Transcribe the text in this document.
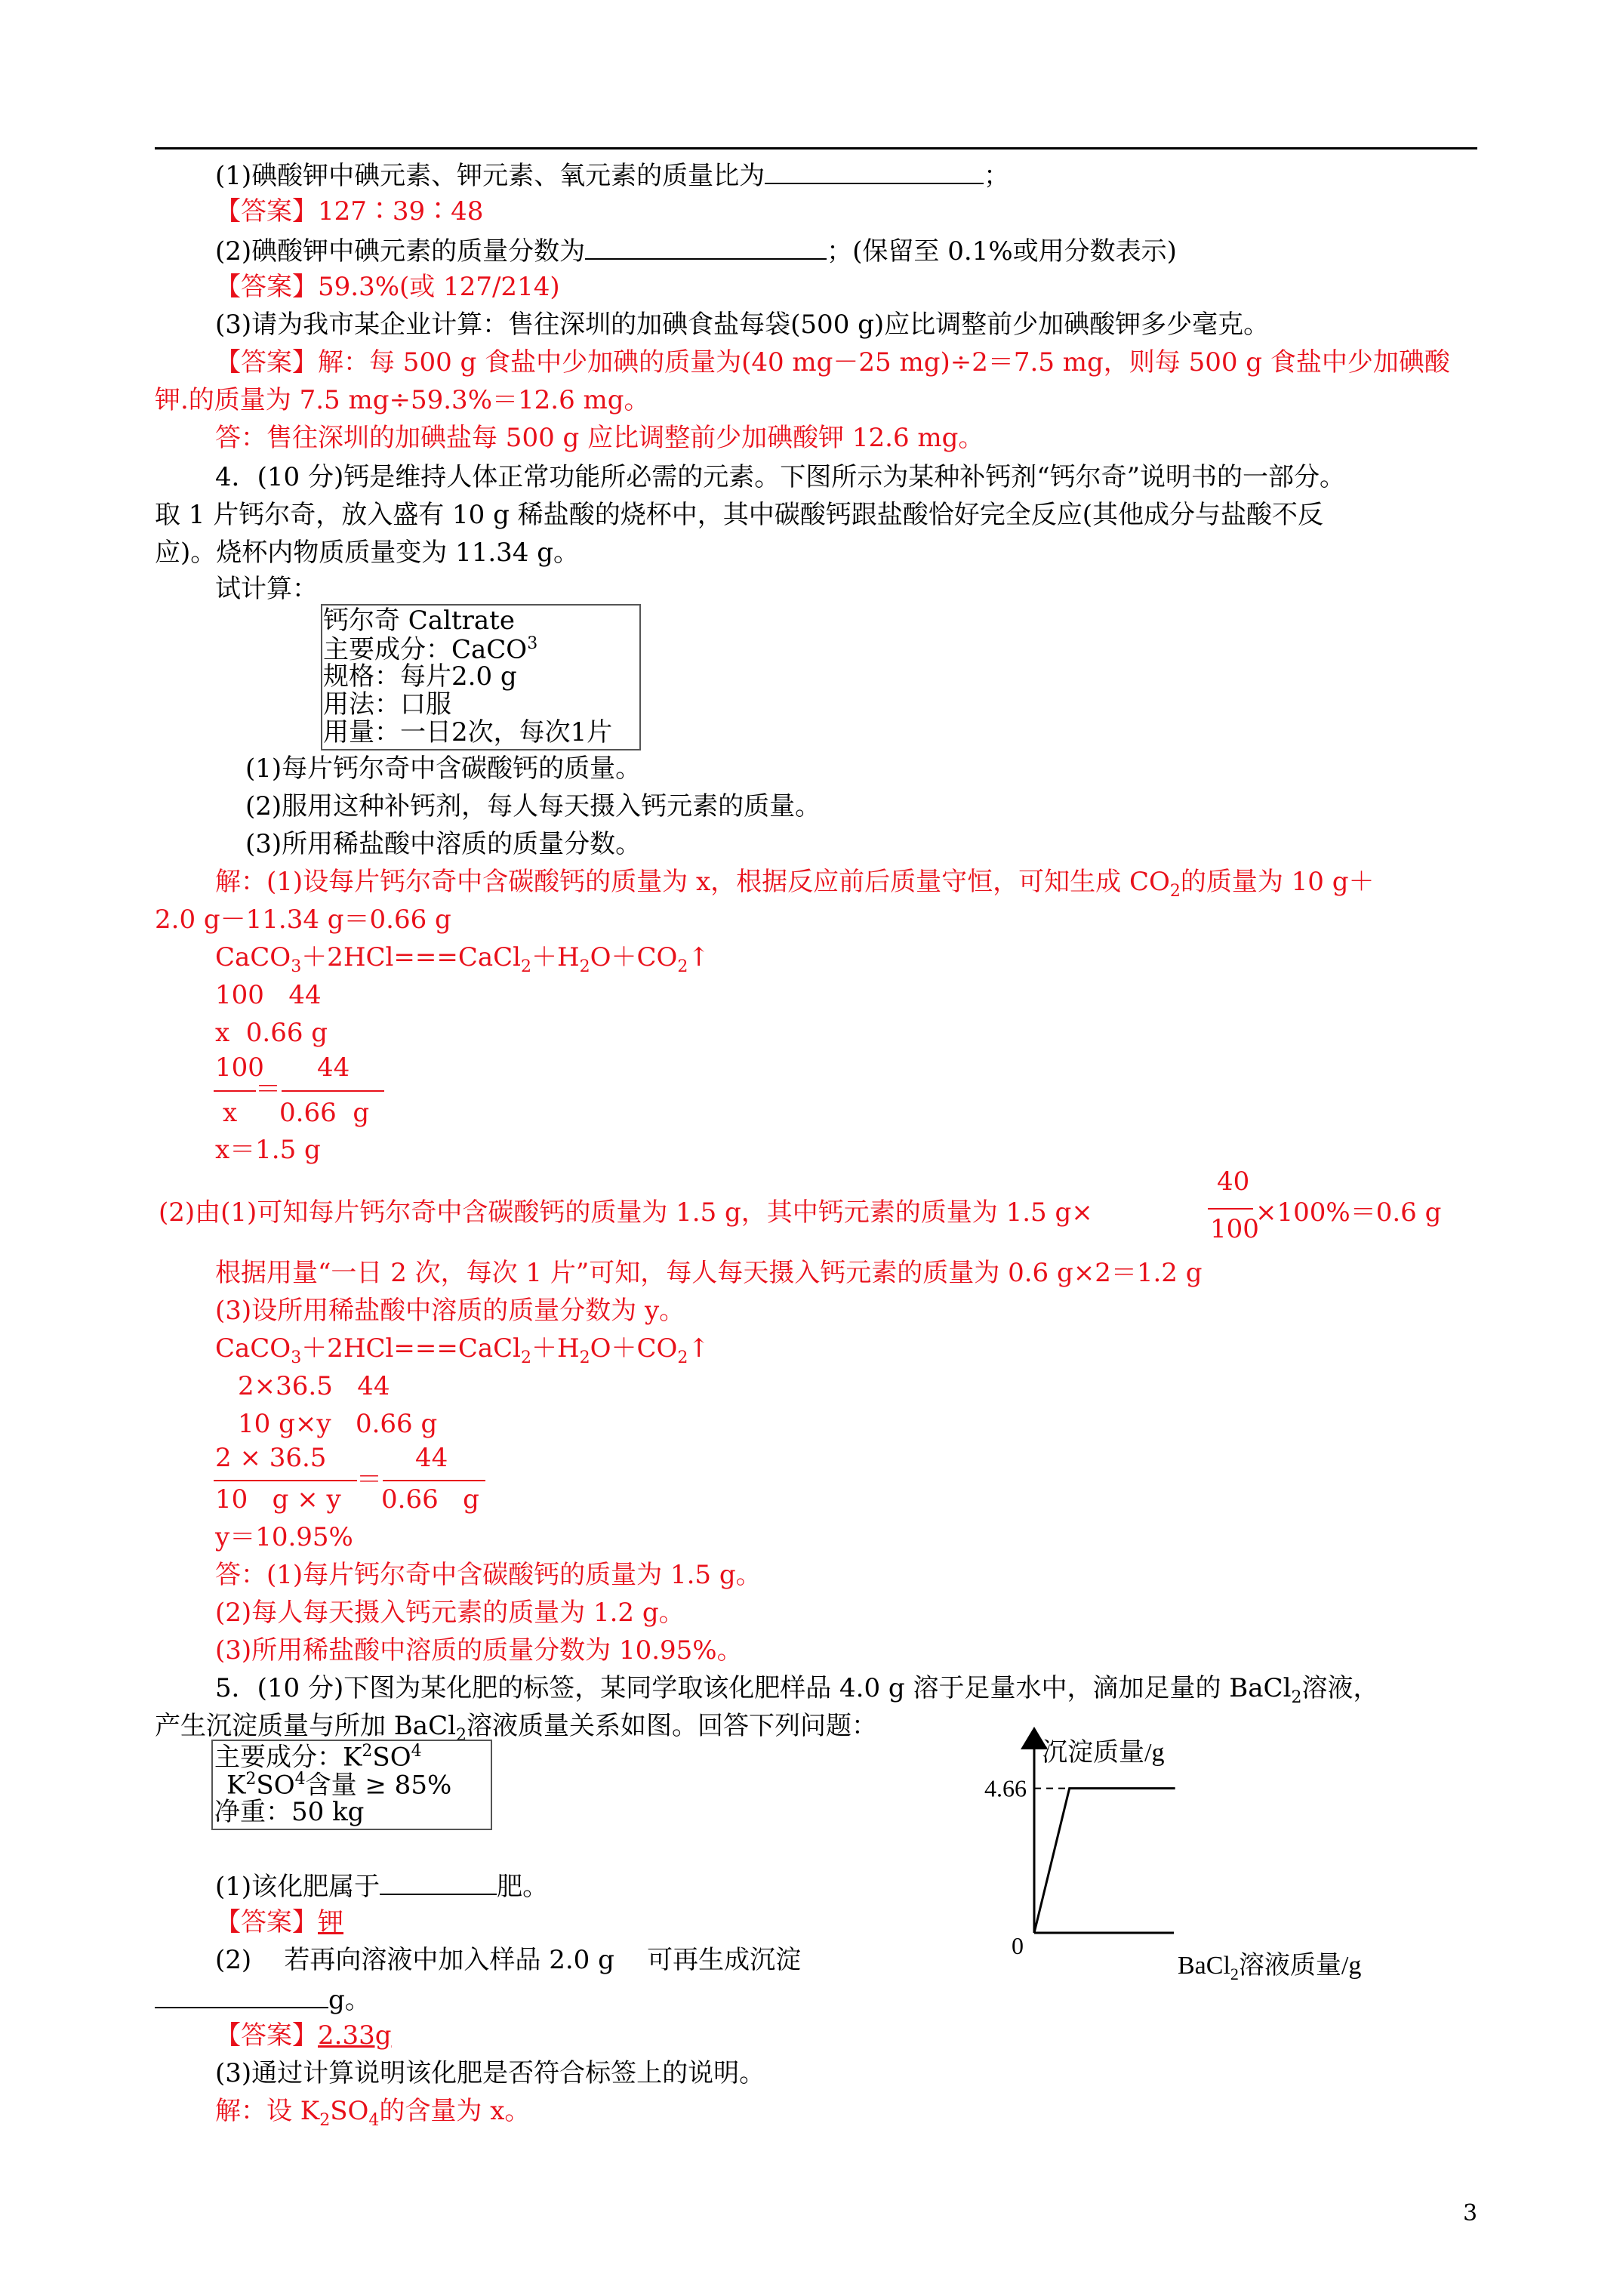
(1)碘酸钾中碘元素、钾元素、氧元素的质量比为	；
【答案】127∶39∶48
(2)碘酸钾中碘元素的质量分数为	；(保留至 0.1%或用分数表示)
【答案】59.3%(或 127/214)
(3)请为我市某企业计算：售往深圳的加碘食盐每袋(500 g)应比调整前少加碘酸钾多少毫克。
【答案】解：每 500 g 食盐中少加碘的质量为(40 mg－25 mg)÷2＝7.5 mg，则每 500 g 食盐中少加碘酸
钾.的质量为 7.5 mg÷59.3%＝12.6 mg。
答：售往深圳的加碘盐每 500 g 应比调整前少加碘酸钾 12.6 mg。
4．(10 分)钙是维持人体正常功能所必需的元素。下图所示为某种补钙剂“钙尔奇”说明书的一部分。
取 1 片钙尔奇，放入盛有 10 g 稀盐酸的烧杯中，其中碳酸钙跟盐酸恰好完全反应(其他成分与盐酸不反
应)。烧杯内物质质量变为 11.34 g。
试计算：
钙尔奇 Caltrate
主要成分：CaCO$^3$
规格：每片2.0 g
用法：口服
用量：一日2次，每次1片
(1)每片钙尔奇中含碳酸钙的质量。
(2)服用这种补钙剂，每人每天摄入钙元素的质量。
(3)所用稀盐酸中溶质的质量分数。
解：(1)设每片钙尔奇中含碳酸钙的质量为 x，根据反应前后质量守恒，可知生成 $CO_2$的质量为 10 g＋
2.0 g－11.34 g＝0.66 g
$CaCO_3+2HCl===CaCl_2+H_2O+CO_2↑$
100   44
x  0.66 g
100 44
＝
x 0.66  g
x＝1.5 g
(2)由(1)可知每片钙尔奇中含碳酸钙的质量为 1.5 g，其中钙元素的质量为 1.5 g×
40
100
×100%＝0.6 g
根据用量“一日 2 次，每次 1 片”可知，每人每天摄入钙元素的质量为 0.6 g×2＝1.2 g
(3)设所用稀盐酸中溶质的质量分数为 y。
$CaCO_3+2HCl===CaCl_2+H_2O+CO_2↑$
2×36.5   44
10 g×y   0.66 g
2 × 36.5	44
＝
10   g × y 0.66   g
y＝10.95%
答：(1)每片钙尔奇中含碳酸钙的质量为 1.5 g。
(2)每人每天摄入钙元素的质量为 1.2 g。
(3)所用稀盐酸中溶质的质量分数为 10.95%。
5．(10 分)下图为某化肥的标签，某同学取该化肥样品 4.0 g 溶于足量水中，滴加足量的 BaCl$_2$溶液，
产生沉淀质量与所加 BaCl$_2$溶液质量关系如图。回答下列问题：
主要成分：$K^2SO^4$
$K^2SO^4$含量 ≥ 85%
净重：50 kg
(1)该化肥属于	肥。
【答案】钾
(2)    若再向溶液中加入样品 2.0 g    可再生成沉淀
g。
【答案】2.33g
(3)通过计算说明该化肥是否符合标签上的说明。
解：设 $K_2SO_4$的含量为 x。
沉淀质量/g
4.66
0
BaCl$_2$溶液质量/g
3
